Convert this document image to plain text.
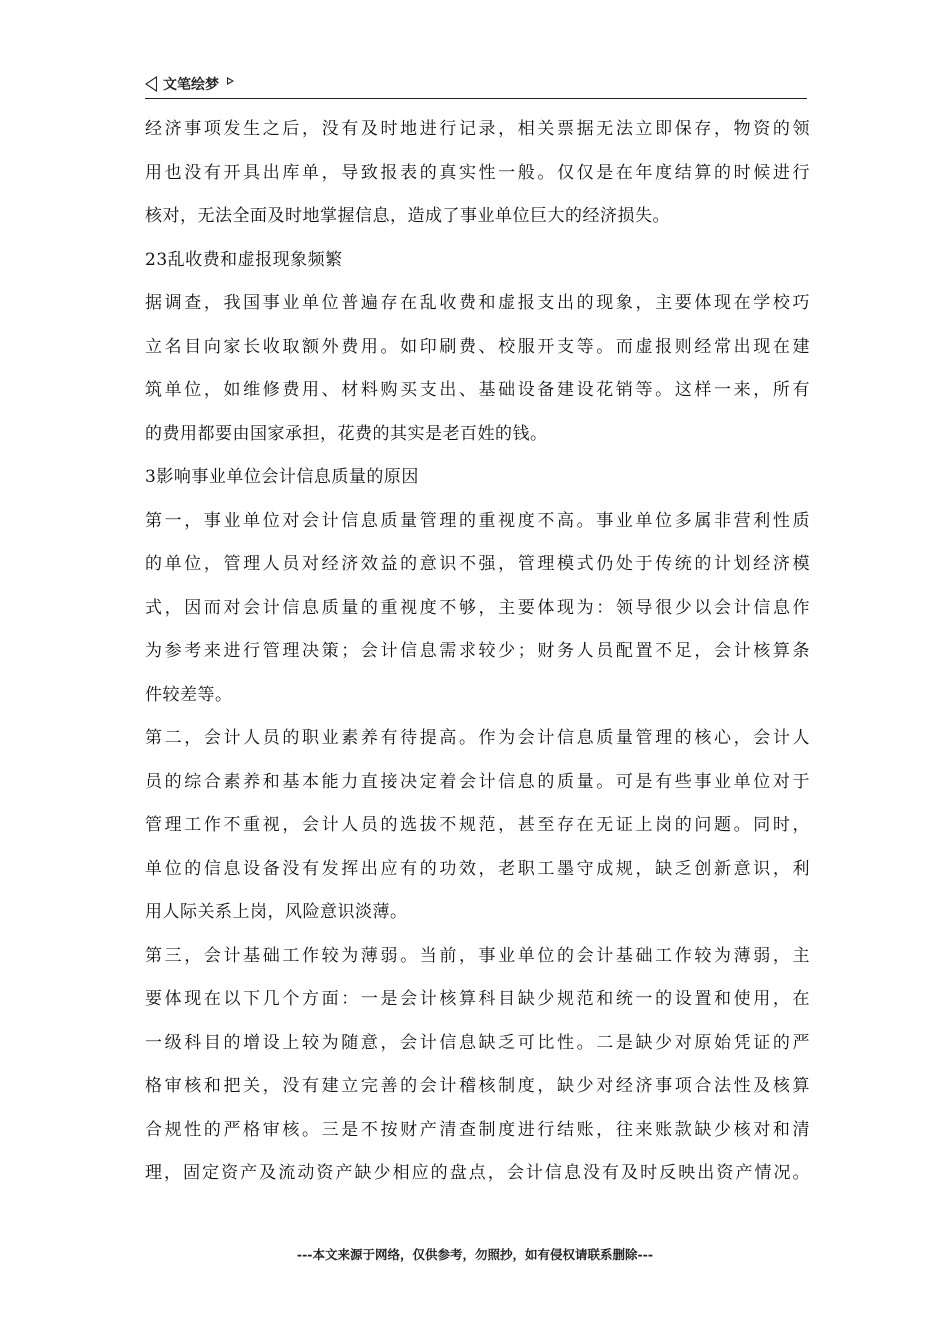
文笔绘梦
经济事项发生之后，没有及时地进行记录，相关票据无法立即保存，物资的领
用也没有开具出库单，导致报表的真实性一般。仅仅是在年度结算的时候进行
核对，无法全面及时地掌握信息，造成了事业单位巨大的经济损失。
23乱收费和虚报现象频繁
据调查，我国事业单位普遍存在乱收费和虚报支出的现象，主要体现在学校巧
立名目向家长收取额外费用。如印刷费、校服开支等。而虚报则经常出现在建
筑单位，如维修费用、材料购买支出、基础设备建设花销等。这样一来，所有
的费用都要由国家承担，花费的其实是老百姓的钱。
3影响事业单位会计信息质量的原因
第一，事业单位对会计信息质量管理的重视度不高。事业单位多属非营利性质
的单位，管理人员对经济效益的意识不强，管理模式仍处于传统的计划经济模
式，因而对会计信息质量的重视度不够，主要体现为：领导很少以会计信息作
为参考来进行管理决策；会计信息需求较少；财务人员配置不足，会计核算条
件较差等。
第二，会计人员的职业素养有待提高。作为会计信息质量管理的核心，会计人
员的综合素养和基本能力直接决定着会计信息的质量。可是有些事业单位对于
管理工作不重视，会计人员的选拔不规范，甚至存在无证上岗的问题。同时，
单位的信息设备没有发挥出应有的功效，老职工墨守成规，缺乏创新意识，利
用人际关系上岗，风险意识淡薄。
第三，会计基础工作较为薄弱。当前，事业单位的会计基础工作较为薄弱，主
要体现在以下几个方面：一是会计核算科目缺少规范和统一的设置和使用，在
一级科目的增设上较为随意，会计信息缺乏可比性。二是缺少对原始凭证的严
格审核和把关，没有建立完善的会计稽核制度，缺少对经济事项合法性及核算
合规性的严格审核。三是不按财产清查制度进行结账，往来账款缺少核对和清
理，固定资产及流动资产缺少相应的盘点，会计信息没有及时反映出资产情况。
---本文来源于网络，仅供参考，勿照抄，如有侵权请联系删除---
